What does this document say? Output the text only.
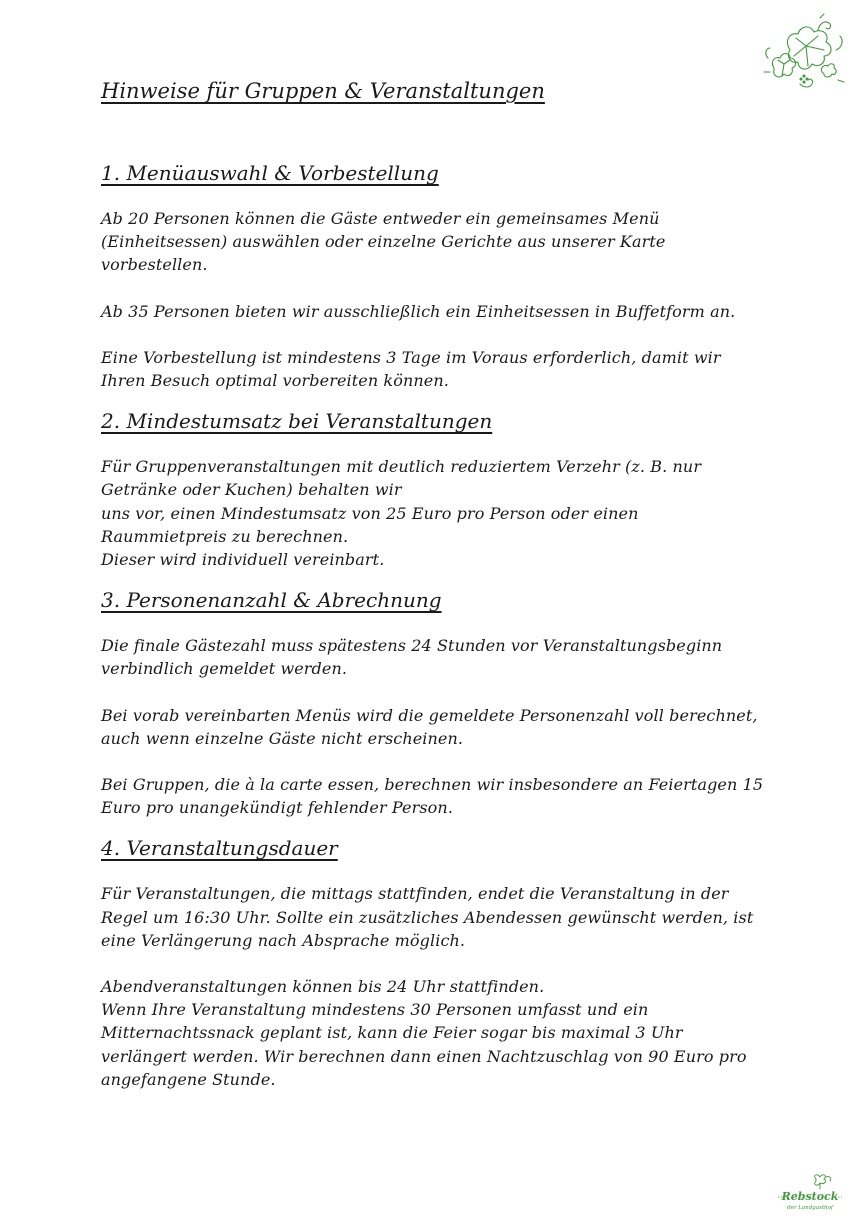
Hinweise für Gruppen & Veranstaltungen
1. Menüauswahl & Vorbestellung

Ab 20 Personen können die Gäste entweder ein gemeinsames Menü
(Einheitsessen) auswählen oder einzelne Gerichte aus unserer Karte
vorbestellen.

Ab 35 Personen bieten wir ausschließlich ein Einheitsessen in Buffetform an.

Eine Vorbestellung ist mindestens 3 Tage im Voraus erforderlich, damit wir
Ihren Besuch optimal vorbereiten können.

2. Mindestumsatz bei Veranstaltungen

Für Gruppenveranstaltungen mit deutlich reduziertem Verzehr (z. B. nur
Getränke oder Kuchen) behalten wir
uns vor, einen Mindestumsatz von 25 Euro pro Person oder einen
Raummietpreis zu berechnen.
Dieser wird individuell vereinbart.

3. Personenanzahl & Abrechnung

Die finale Gästezahl muss spätestens 24 Stunden vor Veranstaltungsbeginn
verbindlich gemeldet werden.

Bei vorab vereinbarten Menüs wird die gemeldete Personenzahl voll berechnet,
auch wenn einzelne Gäste nicht erscheinen.

Bei Gruppen, die à la carte essen, berechnen wir insbesondere an Feiertagen 15
Euro pro unangekündigt fehlender Person.

4. Veranstaltungsdauer

Für Veranstaltungen, die mittags stattfinden, endet die Veranstaltung in der
Regel um 16:30 Uhr. Sollte ein zusätzliches Abendessen gewünscht werden, ist
eine Verlängerung nach Absprache möglich.

Abendveranstaltungen können bis 24 Uhr stattfinden.
Wenn Ihre Veranstaltung mindestens 30 Personen umfasst und ein
Mitternachtssnack geplant ist, kann die Feier sogar bis maximal 3 Uhr
verlängert werden. Wir berechnen dann einen Nachtzuschlag von 90 Euro pro
angefangene Stunde.

Rebstock
der Landgasthof
